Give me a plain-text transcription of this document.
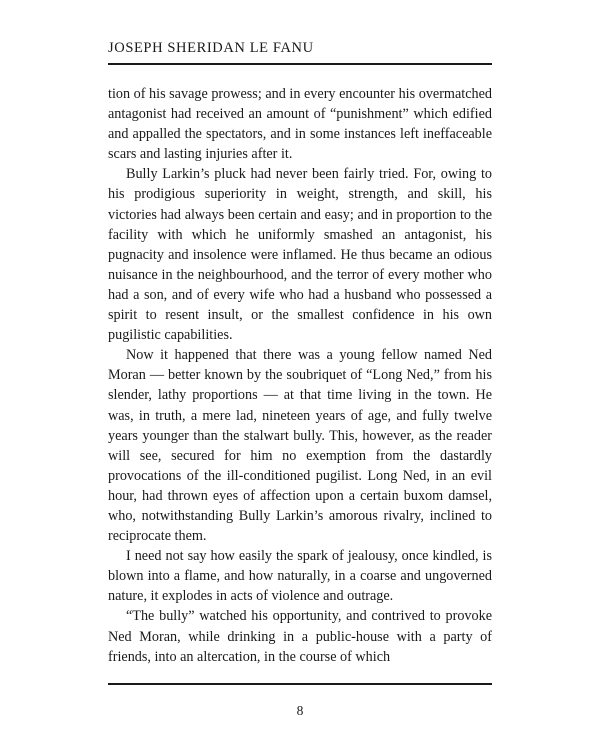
JOSEPH SHERIDAN LE FANU

tion of his savage prowess; and in every encounter his overmatched antagonist had received an amount of “punishment” which edified and appalled the spectators, and in some instances left ineffaceable scars and lasting injuries after it.

Bully Larkin’s pluck had never been fairly tried. For, owing to his prodigious superiority in weight, strength, and skill, his victories had always been certain and easy; and in proportion to the facility with which he uniformly smashed an antagonist, his pugnacity and insolence were inflamed. He thus became an odious nuisance in the neighbourhood, and the terror of every mother who had a son, and of every wife who had a husband who possessed a spirit to resent insult, or the smallest confidence in his own pugilistic capabilities.

Now it happened that there was a young fellow named Ned Moran — better known by the soubriquet of “Long Ned,” from his slender, lathy proportions — at that time living in the town. He was, in truth, a mere lad, nineteen years of age, and fully twelve years younger than the stalwart bully. This, however, as the reader will see, secured for him no exemption from the dastardly provocations of the ill-conditioned pugilist. Long Ned, in an evil hour, had thrown eyes of affection upon a certain buxom damsel, who, notwithstanding Bully Larkin’s amorous rivalry, inclined to reciprocate them.

I need not say how easily the spark of jealousy, once kindled, is blown into a flame, and how naturally, in a coarse and ungoverned nature, it explodes in acts of violence and outrage.

“The bully” watched his opportunity, and contrived to provoke Ned Moran, while drinking in a public-house with a party of friends, into an altercation, in the course of which

8
